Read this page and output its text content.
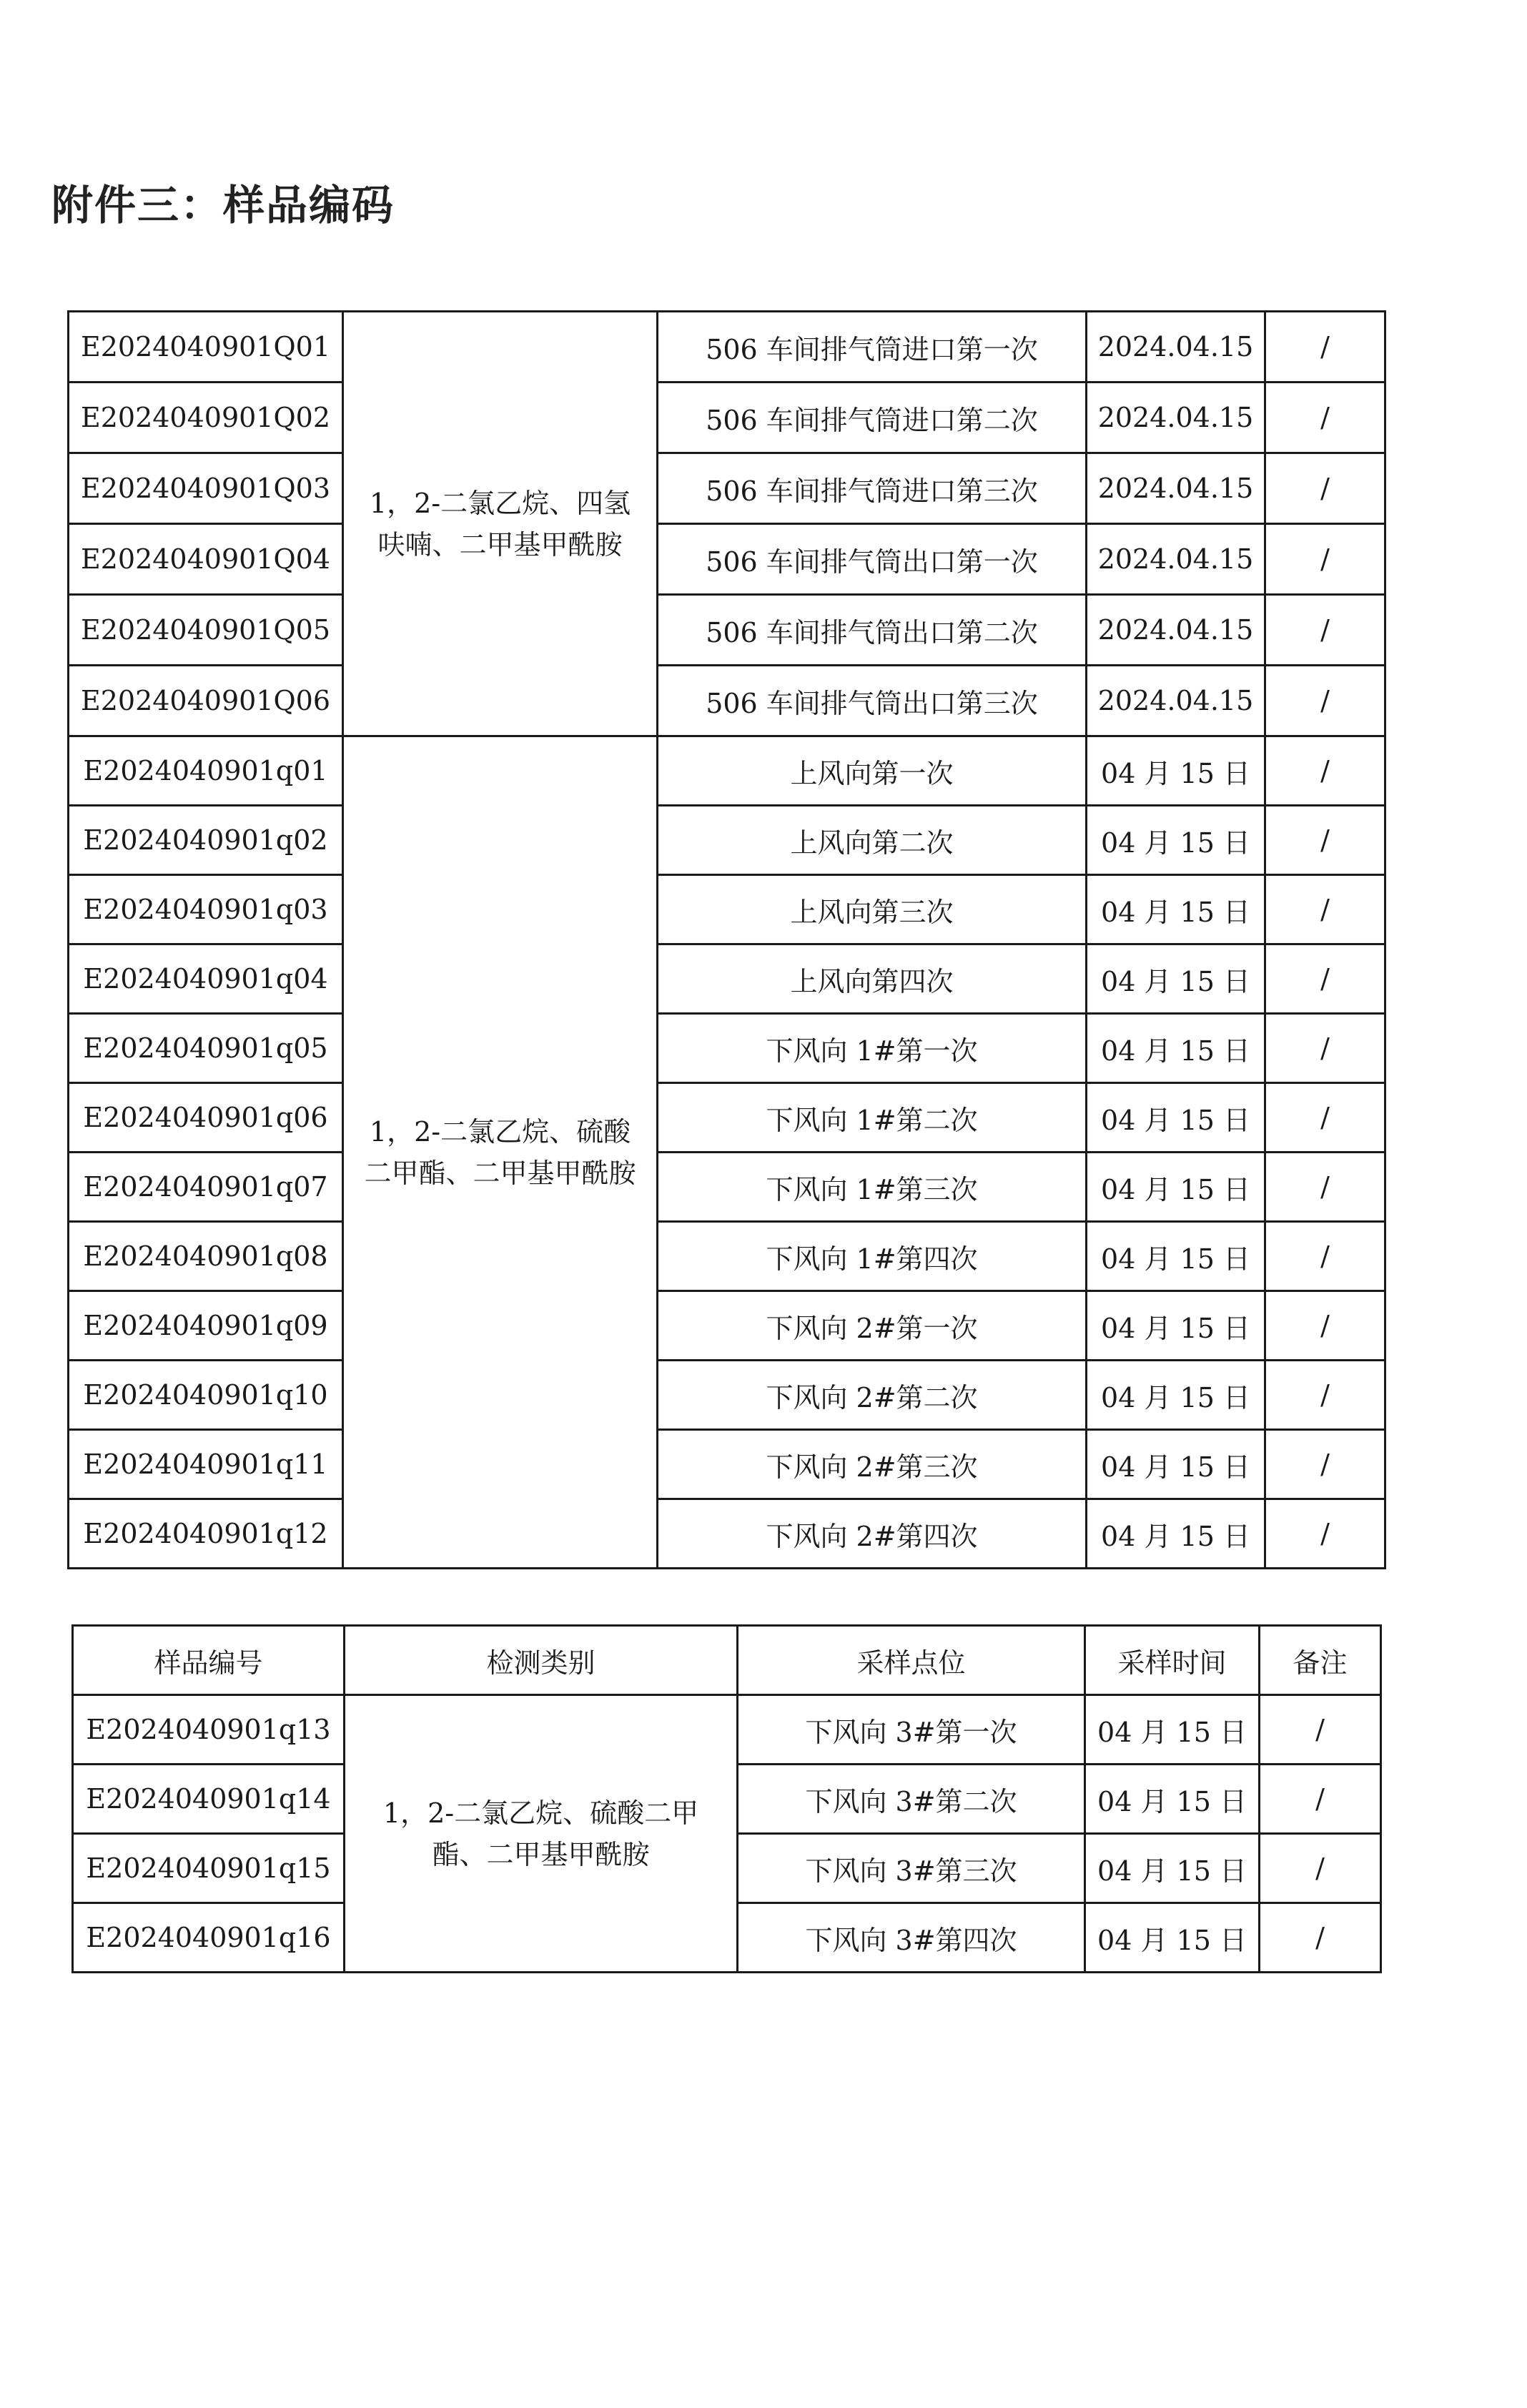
附件三：样品编码
E2024040901Q01	1，2-二氯乙烷、四氢呋喃、二甲基甲酰胺	506 车间排气筒进口第一次	2024.04.15	/
E2024040901Q02		506 车间排气筒进口第二次	2024.04.15	/
E2024040901Q03		506 车间排气筒进口第三次	2024.04.15	/
E2024040901Q04		506 车间排气筒出口第一次	2024.04.15	/
E2024040901Q05		506 车间排气筒出口第二次	2024.04.15	/
E2024040901Q06		506 车间排气筒出口第三次	2024.04.15	/
E2024040901q01	1，2-二氯乙烷、硫酸二甲酯、二甲基甲酰胺	上风向第一次	04 月 15 日	/
E2024040901q02		上风向第二次	04 月 15 日	/
E2024040901q03		上风向第三次	04 月 15 日	/
E2024040901q04		上风向第四次	04 月 15 日	/
E2024040901q05		下风向 1#第一次	04 月 15 日	/
E2024040901q06		下风向 1#第二次	04 月 15 日	/
E2024040901q07		下风向 1#第三次	04 月 15 日	/
E2024040901q08		下风向 1#第四次	04 月 15 日	/
E2024040901q09		下风向 2#第一次	04 月 15 日	/
E2024040901q10		下风向 2#第二次	04 月 15 日	/
E2024040901q11		下风向 2#第三次	04 月 15 日	/
E2024040901q12		下风向 2#第四次	04 月 15 日	/
样品编号	检测类别	采样点位	采样时间	备注
E2024040901q13	1，2-二氯乙烷、硫酸二甲酯、二甲基甲酰胺	下风向 3#第一次	04 月 15 日	/
E2024040901q14		下风向 3#第二次	04 月 15 日	/
E2024040901q15		下风向 3#第三次	04 月 15 日	/
E2024040901q16		下风向 3#第四次	04 月 15 日	/
